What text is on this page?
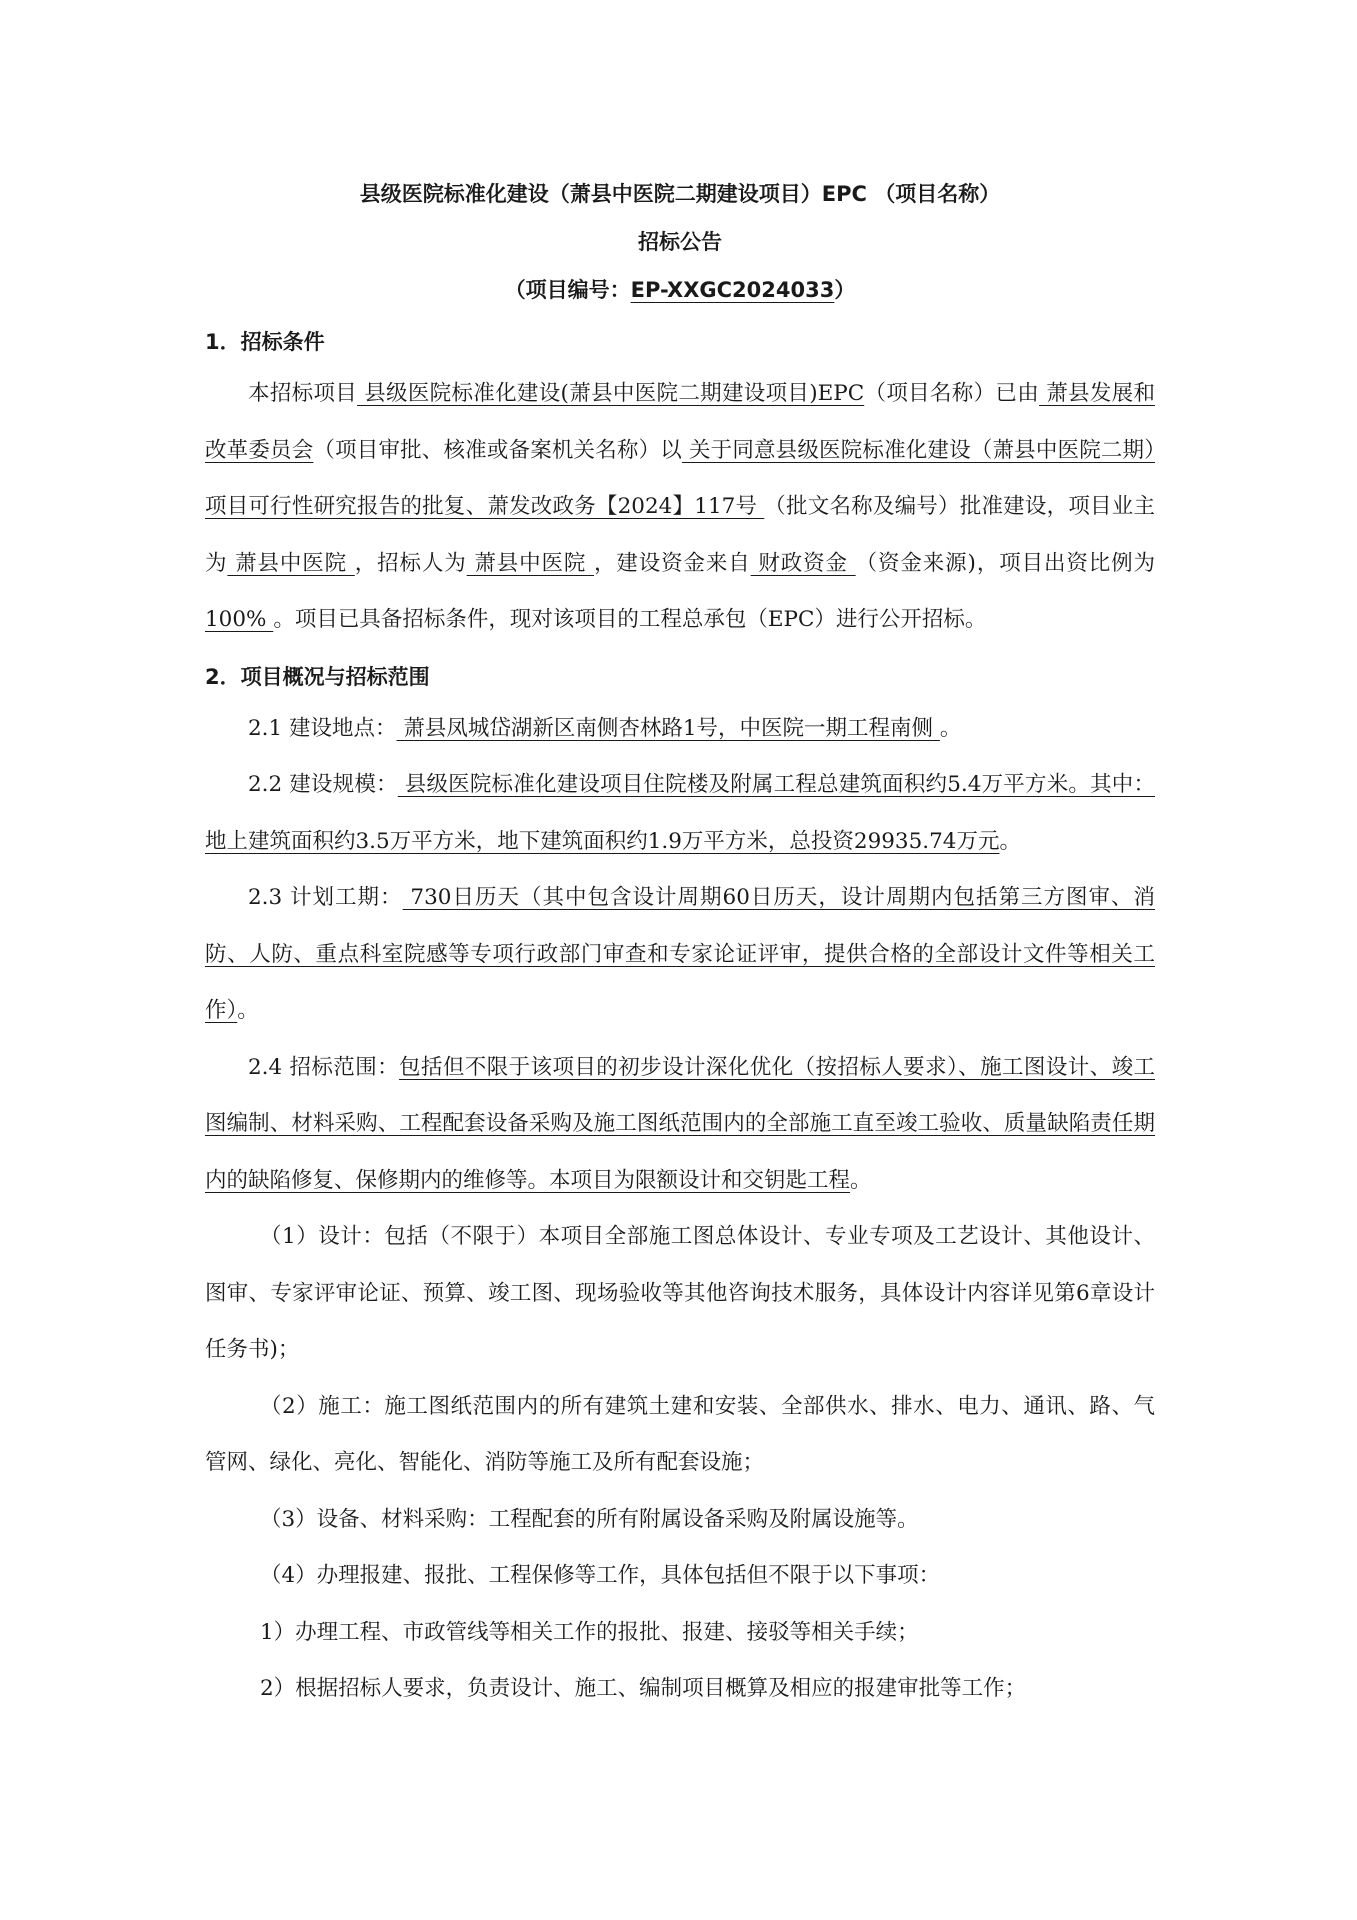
县级医院标准化建设（萧县中医院二期建设项目）EPC （项目名称）
招标公告
（项目编号：EP-XXGC2024033）
1．招标条件

本招标项目 县级医院标准化建设(萧县中医院二期建设项目)EPC（项目名称）已由 萧县发展和改革委员会（项目审批、核准或备案机关名称）以 关于同意县级医院标准化建设（萧县中医院二期）项目可行性研究报告的批复、萧发改政务【2024】117号 （批文名称及编号）批准建设，项目业主为 萧县中医院 ，招标人为 萧县中医院 ，建设资金来自 财政资金 （资金来源)，项目出资比例为 100% 。项目已具备招标条件，现对该项目的工程总承包（EPC）进行公开招标。

2．项目概况与招标范围

2.1 建设地点： 萧县凤城岱湖新区南侧杏林路1号，中医院一期工程南侧 。

2.2 建设规模： 县级医院标准化建设项目住院楼及附属工程总建筑面积约5.4万平方米。其中：地上建筑面积约3.5万平方米，地下建筑面积约1.9万平方米，总投资29935.74万元。

2.3 计划工期： 730日历天（其中包含设计周期60日历天，设计周期内包括第三方图审、消防、人防、重点科室院感等专项行政部门审查和专家论证评审，提供合格的全部设计文件等相关工作）。

2.4 招标范围：包括但不限于该项目的初步设计深化优化（按招标人要求）、施工图设计、竣工图编制、材料采购、工程配套设备采购及施工图纸范围内的全部施工直至竣工验收、质量缺陷责任期内的缺陷修复、保修期内的维修等。本项目为限额设计和交钥匙工程。

（1）设计：包括（不限于）本项目全部施工图总体设计、专业专项及工艺设计、其他设计、图审、专家评审论证、预算、竣工图、现场验收等其他咨询技术服务，具体设计内容详见第6章设计任务书)；

（2）施工：施工图纸范围内的所有建筑土建和安装、全部供水、排水、电力、通讯、路、气管网、绿化、亮化、智能化、消防等施工及所有配套设施；

（3）设备、材料采购：工程配套的所有附属设备采购及附属设施等。

（4）办理报建、报批、工程保修等工作，具体包括但不限于以下事项：

1）办理工程、市政管线等相关工作的报批、报建、接驳等相关手续；

2）根据招标人要求，负责设计、施工、编制项目概算及相应的报建审批等工作；
